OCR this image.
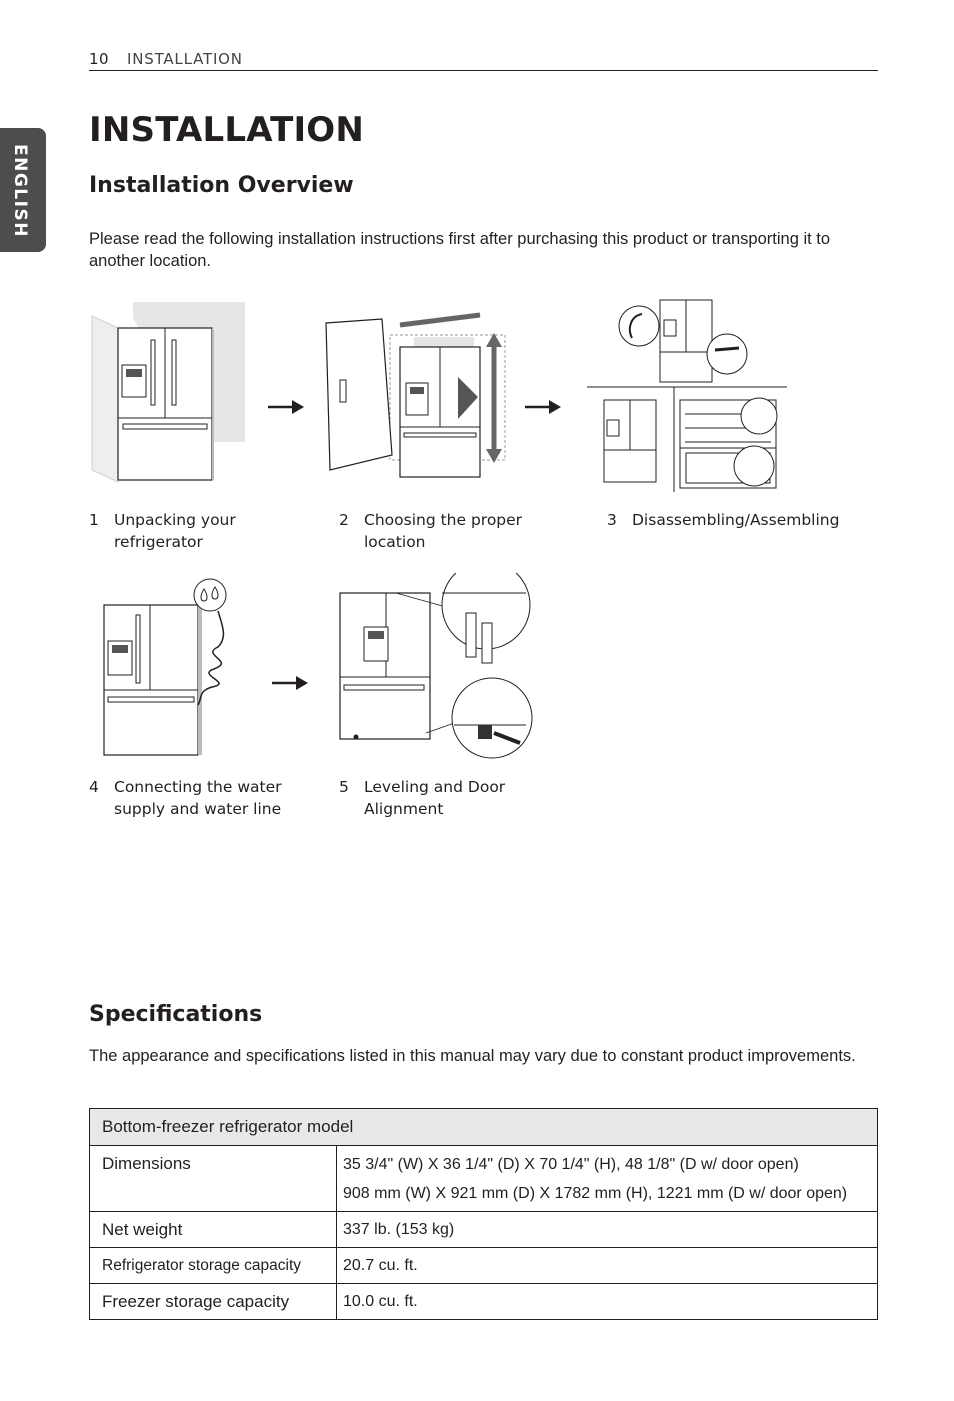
10 INSTALLATION
ENGLISH
INSTALLATION
Installation Overview
Please read the following installation instructions first after purchasing this product or transporting it to another location.
1 Unpacking your refrigerator
2 Choosing the proper location
3 Disassembling/Assembling
4 Connecting the water supply and water line
5 Leveling and Door Alignment
Specifications
The appearance and specifications listed in this manual may vary due to constant product improvements.
Bottom-freezer refrigerator model	
Dimensions	35 3/4" (W) X 36 1/4" (D) X 70 1/4" (H), 48 1/8" (D w/ door open)
908 mm (W) X 921 mm (D) X 1782 mm (H), 1221 mm (D w/ door open)

Net weight	337 lb. (153 kg)
Refrigerator storage capacity	20.7 cu. ft.
Freezer storage capacity	10.0 cu. ft.
